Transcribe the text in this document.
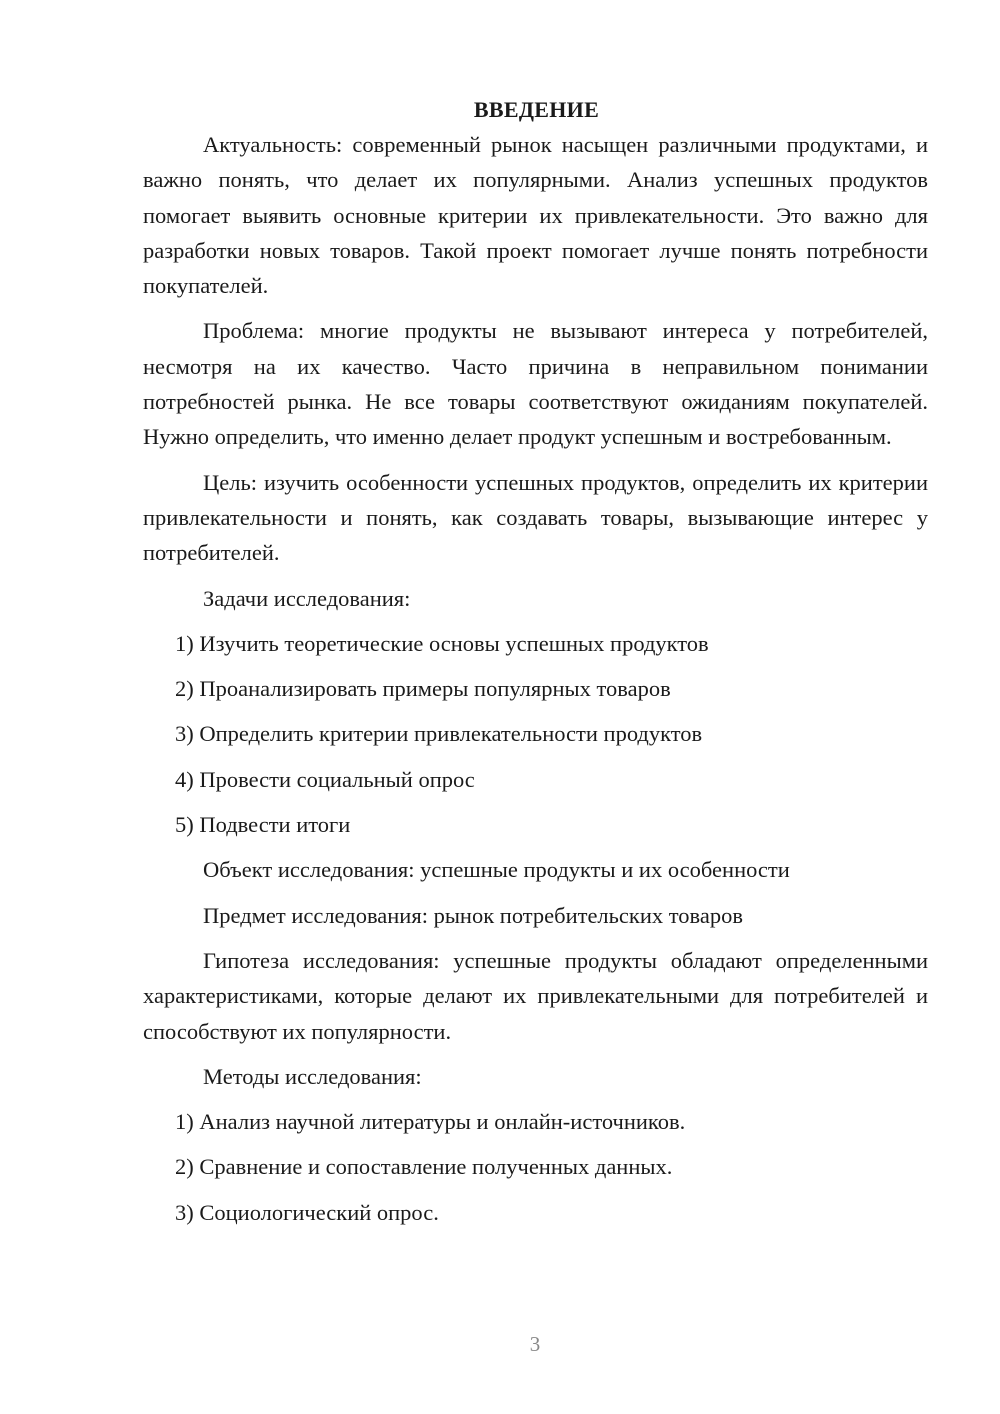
ВВЕДЕНИЕ

Актуальность: современный рынок насыщен различными продуктами, и важно понять, что делает их популярными. Анализ успешных продуктов помогает выявить основные критерии их привлекательности. Это важно для разработки новых товаров. Такой проект помогает лучше понять потребности покупателей.

Проблема: многие продукты не вызывают интереса у потребителей, несмотря на их качество. Часто причина в неправильном понимании потребностей рынка. Не все товары соответствуют ожиданиям покупателей. Нужно определить, что именно делает продукт успешным и востребованным.

Цель: изучить особенности успешных продуктов, определить их критерии привлекательности и понять, как создавать товары, вызывающие интерес у потребителей.

Задачи исследования:

1) Изучить теоретические основы успешных продуктов

2) Проанализировать примеры популярных товаров

3) Определить критерии привлекательности продуктов

4) Провести социальный опрос

5) Подвести итоги

Объект исследования: успешные продукты и их особенности

Предмет исследования: рынок потребительских товаров

Гипотеза исследования: успешные продукты обладают определенными характеристиками, которые делают их привлекательными для потребителей и способствуют их популярности.

Методы исследования:

1) Анализ научной литературы и онлайн-источников.

2) Сравнение и сопоставление полученных данных.

3) Социологический опрос.

3
